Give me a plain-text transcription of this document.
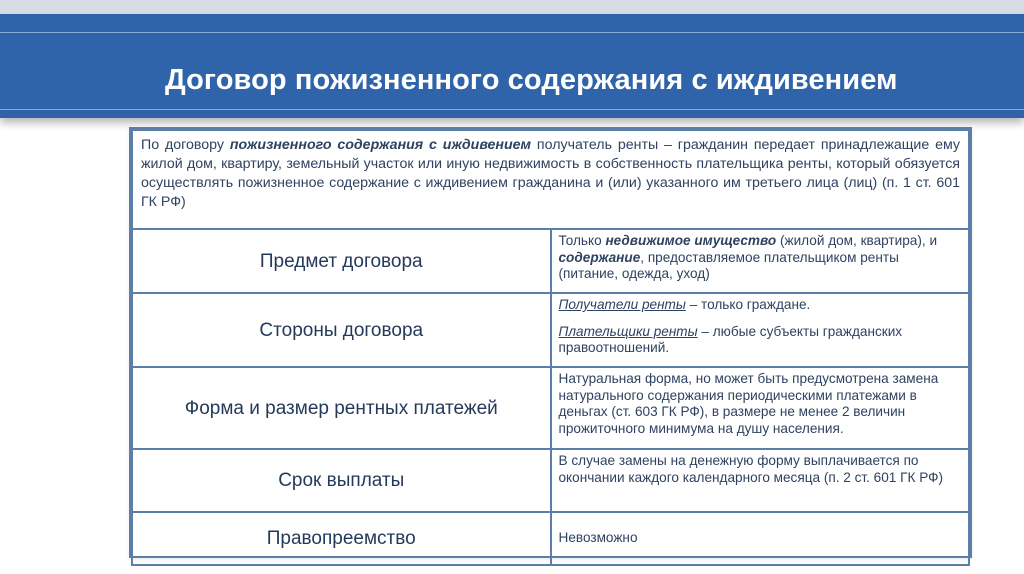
Договор пожизненного содержания с иждивением
По договору пожизненного содержания с иждивением получатель ренты – гражданин передает принадлежащие ему жилой дом, квартиру, земельный участок или иную недвижимость в собственность плательщика ренты, который обязуется осуществлять пожизненное содержание с иждивением гражданина и (или) указанного им третьего лица (лиц) (п. 1 ст. 601 ГК РФ)	
Предмет договора	Только недвижимое имущество (жилой дом, квартира), и содержание, предоставляемое плательщиком ренты (питание, одежда, уход)
Стороны договора	Получатели ренты – только граждане.
Плательщики ренты – любые субъекты гражданских правоотношений.

Форма и размер рентных платежей	Натуральная форма, но может быть предусмотрена замена натурального содержания периодическими платежами в деньгах (ст. 603 ГК РФ), в размере не менее 2 величин прожиточного минимума на душу населения.
Срок выплаты	В случае замены на денежную форму выплачивается по окончании каждого календарного месяца (п. 2 ст. 601 ГК РФ)
Правопреемство	Невозможно
